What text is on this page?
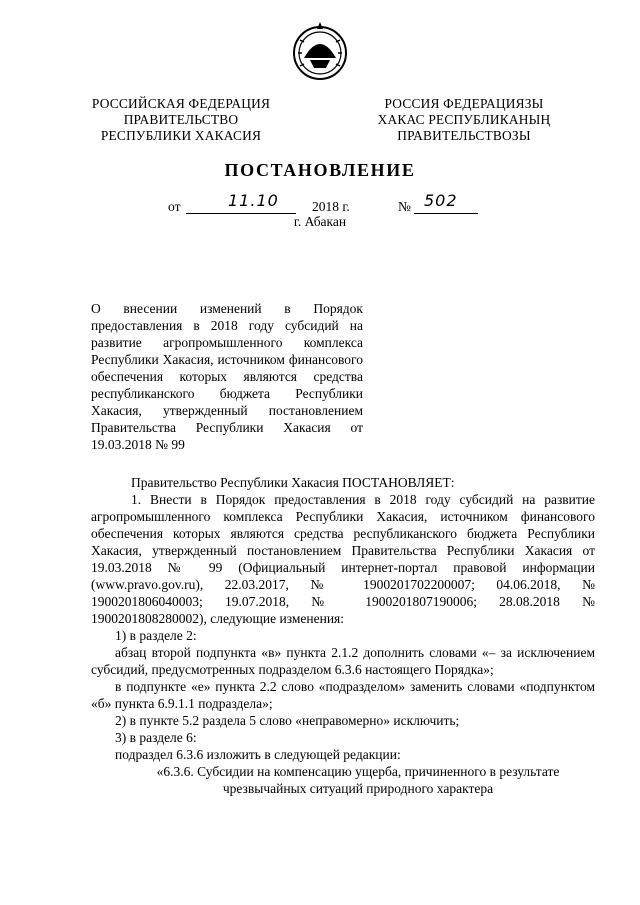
РОССИЙСКАЯ ФЕДЕРАЦИЯ
ПРАВИТЕЛЬСТВО
РЕСПУБЛИКИ ХАКАСИЯ
РОССИЯ ФЕДЕРАЦИЯЗЫ
ХАКАС РЕСПУБЛИКАНЫҢ
ПРАВИТЕЛЬСТВОЗЫ
ПОСТАНОВЛЕНИЕ
от	11.10 2018 г.	№ 502
г. Абакан
О внесении изменений в Порядок предоставления в 2018 году субсидий на развитие агропромышленного комплекса Республики Хакасия, источником финансового обеспечения которых являются средства республиканского бюджета Республики Хакасия, утвержденный постановлением Правительства Республики Хакасия от 19.03.2018 № 99

Правительство Республики Хакасия ПОСТАНОВЛЯЕТ:

1. Внести в Порядок предоставления в 2018 году субсидий на развитие агропромышленного комплекса Республики Хакасия, источником финансового обеспечения которых являются средства республиканского бюджета Республики Хакасия, утвержденный постановлением Правительства Республики Хакасия от 19.03.2018 № 99 (Официальный интернет-портал правовой информации (www.pravo.gov.ru), 22.03.2017, № 1900201702200007; 04.06.2018, № 1900201806040003; 19.07.2018, № 1900201807190006; 28.08.2018 № 1900201808280002), следующие изменения:

1) в разделе 2:

абзац второй подпункта «в» пункта 2.1.2 дополнить словами «– за исключением субсидий, предусмотренных подразделом 6.3.6 настоящего Порядка»;

в подпункте «е» пункта 2.2 слово «подразделом» заменить словами «подпунктом «б» пункта 6.9.1.1 подраздела»;

2) в пункте 5.2 раздела 5 слово «неправомерно» исключить;

3) в разделе 6:

подраздел 6.3.6 изложить в следующей редакции:

«6.3.6. Субсидии на компенсацию ущерба, причиненного в результате

чрезвычайных ситуаций природного характера
